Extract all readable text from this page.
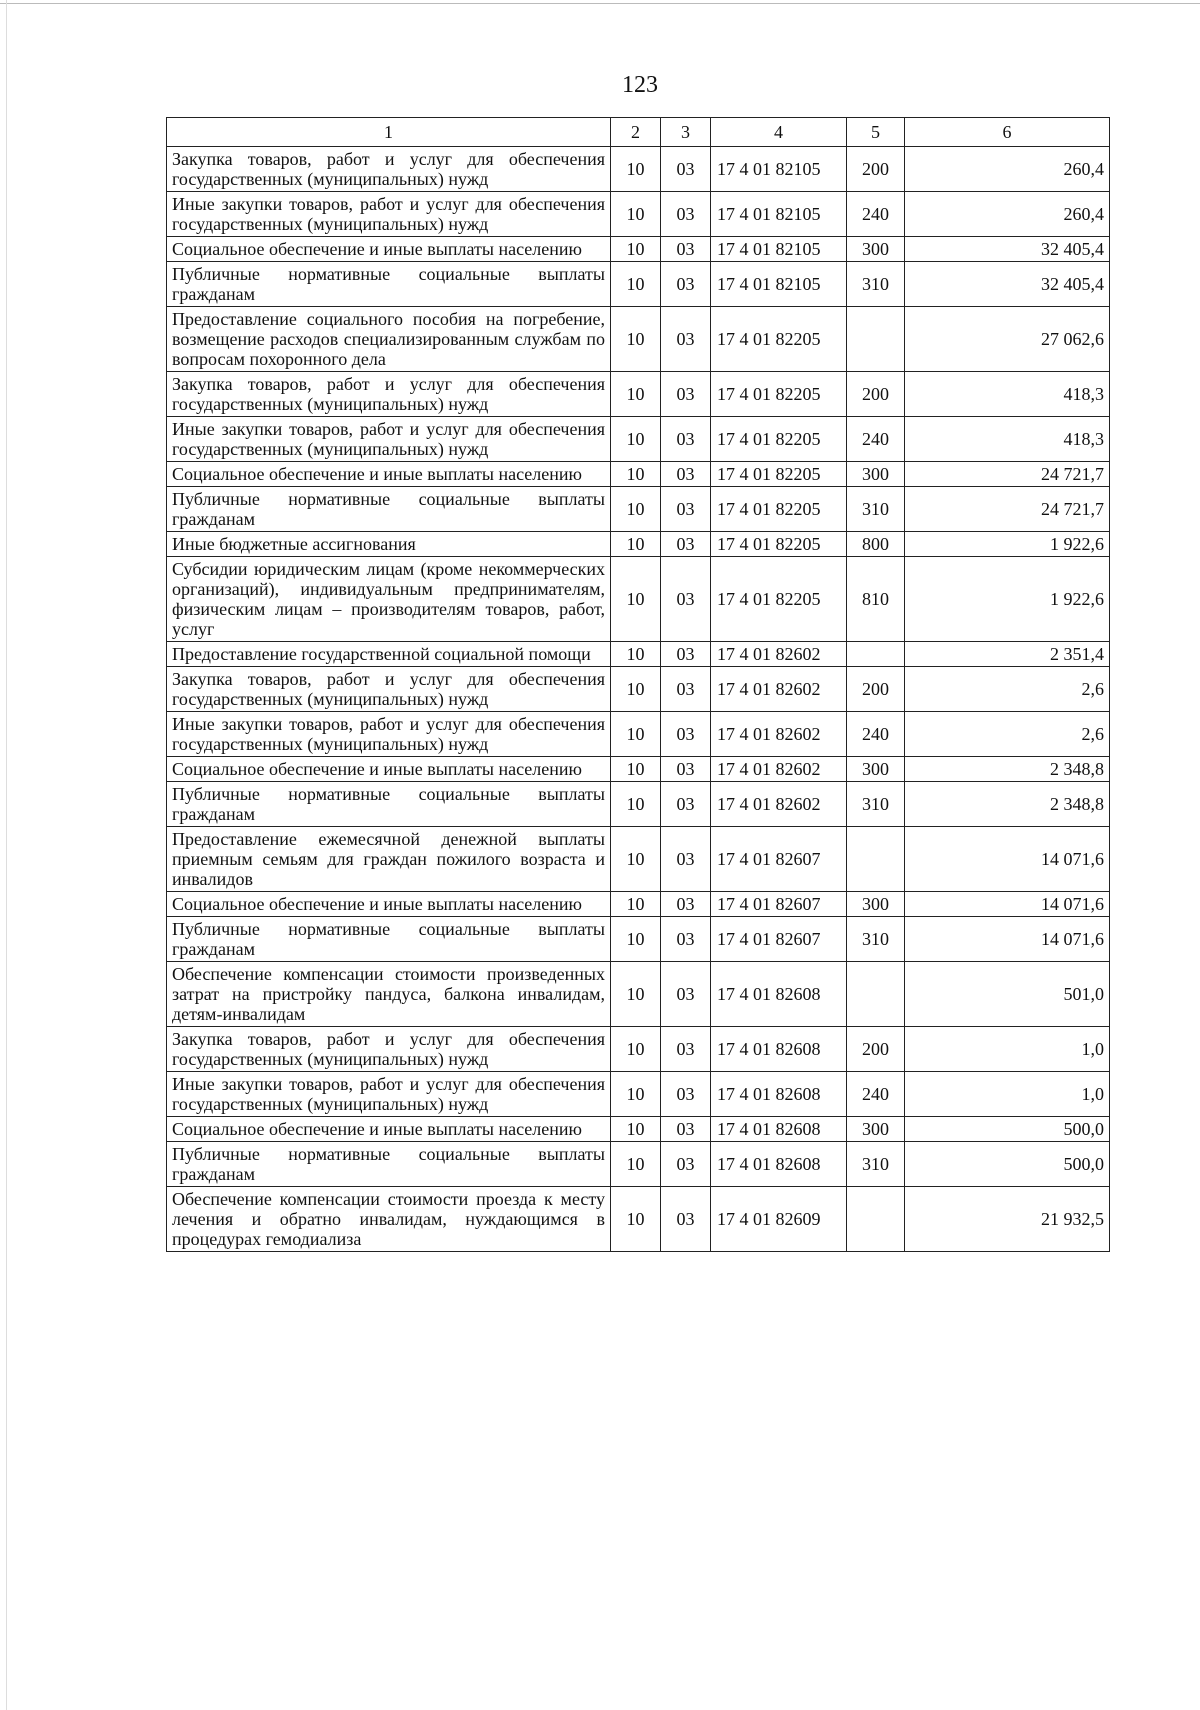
123
1	2	3	4	5	6
Закупка товаров, работ и услуг для обеспечения государственных (муниципальных) нужд	10	03	17 4 01 82105	200	260,4
Иные закупки товаров, работ и услуг для обеспечения государственных (муниципальных) нужд	10	03	17 4 01 82105	240	260,4
Социальное обеспечение и иные выплаты населению	10	03	17 4 01 82105	300	32 405,4
Публичные нормативные социальные выплаты гражданам	10	03	17 4 01 82105	310	32 405,4
Предоставление социального пособия на погребение, возмещение расходов специализированным службам по вопросам похоронного дела	10	03	17 4 01 82205		27 062,6
Закупка товаров, работ и услуг для обеспечения государственных (муниципальных) нужд	10	03	17 4 01 82205	200	418,3
Иные закупки товаров, работ и услуг для обеспечения государственных (муниципальных) нужд	10	03	17 4 01 82205	240	418,3
Социальное обеспечение и иные выплаты населению	10	03	17 4 01 82205	300	24 721,7
Публичные нормативные социальные выплаты гражданам	10	03	17 4 01 82205	310	24 721,7
Иные бюджетные ассигнования	10	03	17 4 01 82205	800	1 922,6
Субсидии юридическим лицам (кроме некоммерческих организаций), индивидуальным предпринимателям, физическим лицам – производителям товаров, работ, услуг	10	03	17 4 01 82205	810	1 922,6
Предоставление государственной социальной помощи	10	03	17 4 01 82602		2 351,4
Закупка товаров, работ и услуг для обеспечения государственных (муниципальных) нужд	10	03	17 4 01 82602	200	2,6
Иные закупки товаров, работ и услуг для обеспечения государственных (муниципальных) нужд	10	03	17 4 01 82602	240	2,6
Социальное обеспечение и иные выплаты населению	10	03	17 4 01 82602	300	2 348,8
Публичные нормативные социальные выплаты гражданам	10	03	17 4 01 82602	310	2 348,8
Предоставление ежемесячной денежной выплаты приемным семьям для граждан пожилого возраста и инвалидов	10	03	17 4 01 82607		14 071,6
Социальное обеспечение и иные выплаты населению	10	03	17 4 01 82607	300	14 071,6
Публичные нормативные социальные выплаты гражданам	10	03	17 4 01 82607	310	14 071,6
Обеспечение компенсации стоимости произведенных затрат на пристройку пандуса, балкона инвалидам, детям-инвалидам	10	03	17 4 01 82608		501,0
Закупка товаров, работ и услуг для обеспечения государственных (муниципальных) нужд	10	03	17 4 01 82608	200	1,0
Иные закупки товаров, работ и услуг для обеспечения государственных (муниципальных) нужд	10	03	17 4 01 82608	240	1,0
Социальное обеспечение и иные выплаты населению	10	03	17 4 01 82608	300	500,0
Публичные нормативные социальные выплаты гражданам	10	03	17 4 01 82608	310	500,0
Обеспечение компенсации стоимости проезда к месту лечения и обратно инвалидам, нуждающимся в процедурах гемодиализа	10	03	17 4 01 82609		21 932,5
